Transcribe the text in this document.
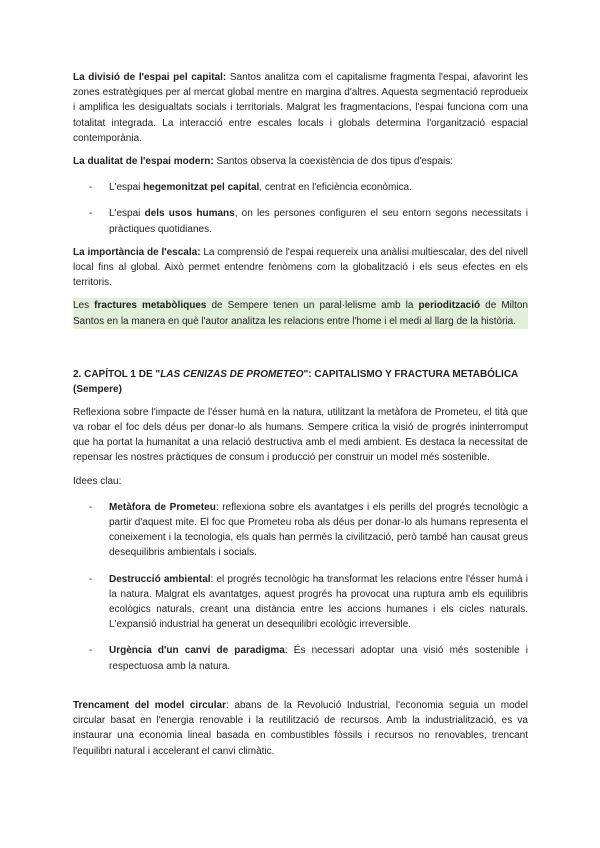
La divisió de l'espai pel capital: Santos analitza com el capitalisme fragmenta l'espai, afavorint les zones estratègiques per al mercat global mentre en margina d'altres. Aquesta segmentació reprodueix i amplifica les desigualtats socials i territorials. Malgrat les fragmentacions, l'espai funciona com una totalitat integrada. La interacció entre escales locals i globals determina l'organització espacial contemporània.

La dualitat de l'espai modern: Santos observa la coexistència de dos tipus d'espais:

- L'espai hegemonitzat pel capital, centrat en l'eficiència econòmica.

- L'espai dels usos humans, on les persones configuren el seu entorn segons necessitats i pràctiques quotidianes.

La importància de l'escala: La comprensió de l'espai requereix una anàlisi multiescalar, des del nivell local fins al global. Això permet entendre fenòmens com la globalització i els seus efectes en els territoris.

Les fractures metabòliques de Sempere tenen un paral·lelisme amb la periodització de Milton Santos en la manera en què l'autor analitza les relacions entre l'home i el medi al llarg de la història.

2. CAPÍTOL 1 DE "LAS CENIZAS DE PROMETEO": CAPITALISMO Y FRACTURA METABÓLICA (Sempere)

Reflexiona sobre l'impacte de l'ésser humà en la natura, utilitzant la metàfora de Prometeu, el tità que va robar el foc dels déus per donar-lo als humans. Sempere critica la visió de progrés ininterromput que ha portat la humanitat a una relació destructiva amb el medi ambient. Es destaca la necessitat de repensar les nostres pràctiques de consum i producció per construir un model més sostenible.

Idees clau:

- Metàfora de Prometeu: reflexiona sobre els avantatges i els perills del progrés tecnològic a partir d'aquest mite. El foc que Prometeu roba als déus per donar-lo als humans representa el coneixement i la tecnologia, els quals han permès la civilització, però també han causat greus desequilibris ambientals i socials.

- Destrucció ambiental: el progrés tecnològic ha transformat les relacions entre l'ésser humà i la natura. Malgrat els avantatges, aquest progrés ha provocat una ruptura amb els equilibris ecològics naturals, creant una distància entre les accions humanes i els cicles naturals. L'expansió industrial ha generat un desequilibri ecològic irreversible.

- Urgència d'un canvi de paradigma: És necessari adoptar una visió més sostenible i respectuosa amb la natura.

Trencament del model circular: abans de la Revolució Industrial, l'economia seguia un model circular basat en l'energia renovable i la reutilització de recursos. Amb la industrialització, es va instaurar una economia lineal basada en combustibles fòssils i recursos no renovables, trencant l'equilibri natural i accelerant el canvi climàtic.
